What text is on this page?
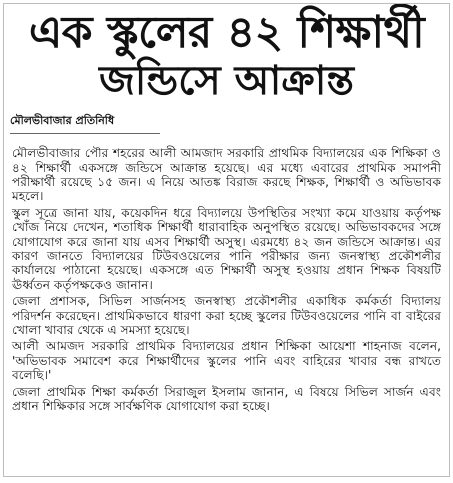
এক স্কুলের ৪২ শিক্ষার্থী
জন্ডিসে আক্রান্ত
মৌলভীবাজার প্রতিনিধি

মৌলভীবাজার পৌর শহরের আলী আমজাদ সরকারি প্রাথমিক বিদ্যালয়ের এক শিক্ষিকা ও ৪২ শিক্ষার্থী একসঙ্গে জন্ডিসে আক্রান্ত হয়েছে। এর মধ্যে এবারের প্রাথমিক সমাপনী পরীক্ষার্থী রয়েছে ১৫ জন। এ নিয়ে আতঙ্ক বিরাজ করছে শিক্ষক, শিক্ষার্থী ও অভিভাবক মহলে।

স্কুল সূত্রে জানা যায়, কয়েকদিন ধরে বিদ্যালয়ে উপস্থিতির সংখ্যা কমে যাওয়ায় কর্তৃপক্ষ খোঁজ নিয়ে দেখেন, শতাধিক শিক্ষার্থী ধারাবাহিক অনুপস্থিত রয়েছে। অভিভাবকদের সঙ্গে যোগাযোগ করে জানা যায় এসব শিক্ষার্থী অসুস্থ। এরমধ্যে ৪২ জন জন্ডিসে আক্রান্ত। এর কারণ জানতে বিদ্যালয়ের টিউবওয়েলের পানি পরীক্ষার জন্য জনস্বাস্থ্য প্রকৌশলীর কার্যালয়ে পাঠানো হয়েছে। একসঙ্গে এত শিক্ষার্থী অসুস্থ হওয়ায় প্রধান শিক্ষক বিষয়টি ঊর্ধ্বতন কর্তৃপক্ষকেও জানান।

জেলা প্রশাসক, সিভিল সার্জনসহ জনস্বাস্থ্য প্রকৌশলীর একাধিক কর্মকর্তা বিদ্যালয় পরিদর্শন করেছেন। প্রাথমিকভাবে ধারণা করা হচ্ছে স্কুলের টিউবওয়েলের পানি বা বাইরের খোলা খাবার থেকে এ সমস্যা হয়েছে।

আলী আমজদ সরকারি প্রাথমিক বিদ্যালয়ের প্রধান শিক্ষিকা আয়েশা শাহনাজ বলেন, 'অভিভাবক সমাবেশ করে শিক্ষার্থীদের স্কুলের পানি এবং বাহিরের খাবার বন্ধ রাখতে বলেছি।'

জেলা প্রাথমিক শিক্ষা কর্মকর্তা সিরাজুল ইসলাম জানান, এ বিষয়ে সিভিল সার্জন এবং প্রধান শিক্ষিকার সঙ্গে সার্বক্ষণিক যোগাযোগ করা হচ্ছে।
